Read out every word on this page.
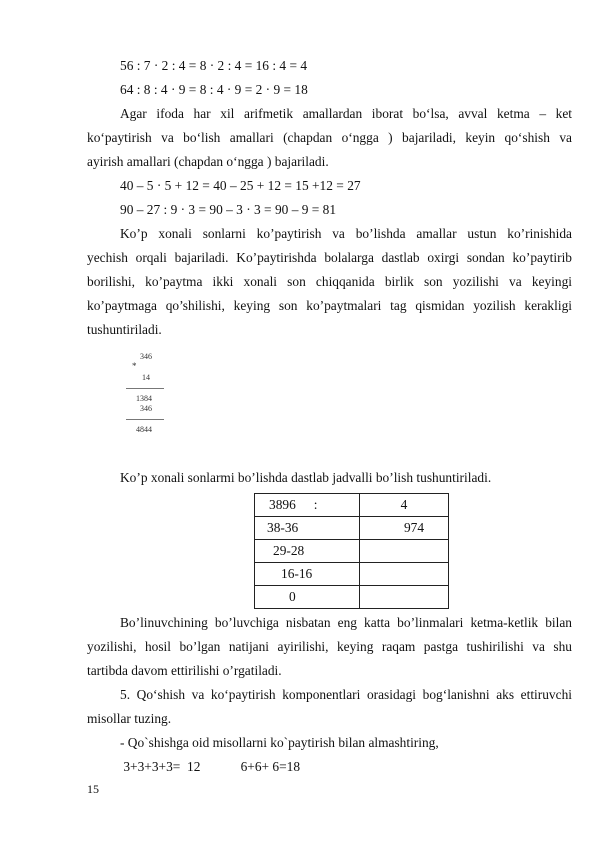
56 : 7 · 2 : 4 = 8 · 2 : 4 = 16 : 4 = 4
64 : 8 : 4 · 9 = 8 : 4 · 9 = 2 · 9 = 18
Agar ifoda har xil arifmetik amallardan iborat bo‘lsa, avval ketma – ket
ko‘paytirish va bo‘lish amallari (chapdan o‘ngga ) bajariladi, keyin qo‘shish va
ayirish amallari (chapdan o‘ngga ) bajariladi.
40 – 5 · 5 + 12 = 40 – 25 + 12 = 15 +12 = 27
90 – 27 : 9 · 3 = 90 – 3 · 3 = 90 – 9 = 81
Ko’p xonali sonlarni ko’paytirish va bo’lishda amallar ustun ko’rinishida
yechish orqali bajariladi. Ko’paytirishda bolalarga dastlab oxirgi sondan ko’paytirib
borilishi, ko’paytma ikki xonali son chiqqanida birlik son yozilishi va keyingi
ko’paytmaga qo’shilishi, keying son ko’paytmalari tag qismidan yozilish kerakligi
tushuntiriladi.
346
*
14
1384
346
4844
Ko’p xonali sonlarmi bo’lishda dastlab jadvalli bo’lish tushuntiriladi.
3896 :	4
38-36	974
29-28	
16-16	
0	
Bo’linuvchining bo’luvchiga nisbatan eng katta bo’linmalari ketma-ketlik bilan
yozilishi, hosil bo’lgan natijani ayirilishi, keying raqam pastga tushirilishi va shu
tartibda davom ettirilishi o’rgatiladi.
5. Qo‘shish va ko‘paytirish komponentlari orasidagi bog‘lanishni aks ettiruvchi
misollar tuzing.
- Qo`shishga oid misollarni ko`paytirish bilan almashtiring,
3+3+3+3=  12            6+6+ 6=18
15
